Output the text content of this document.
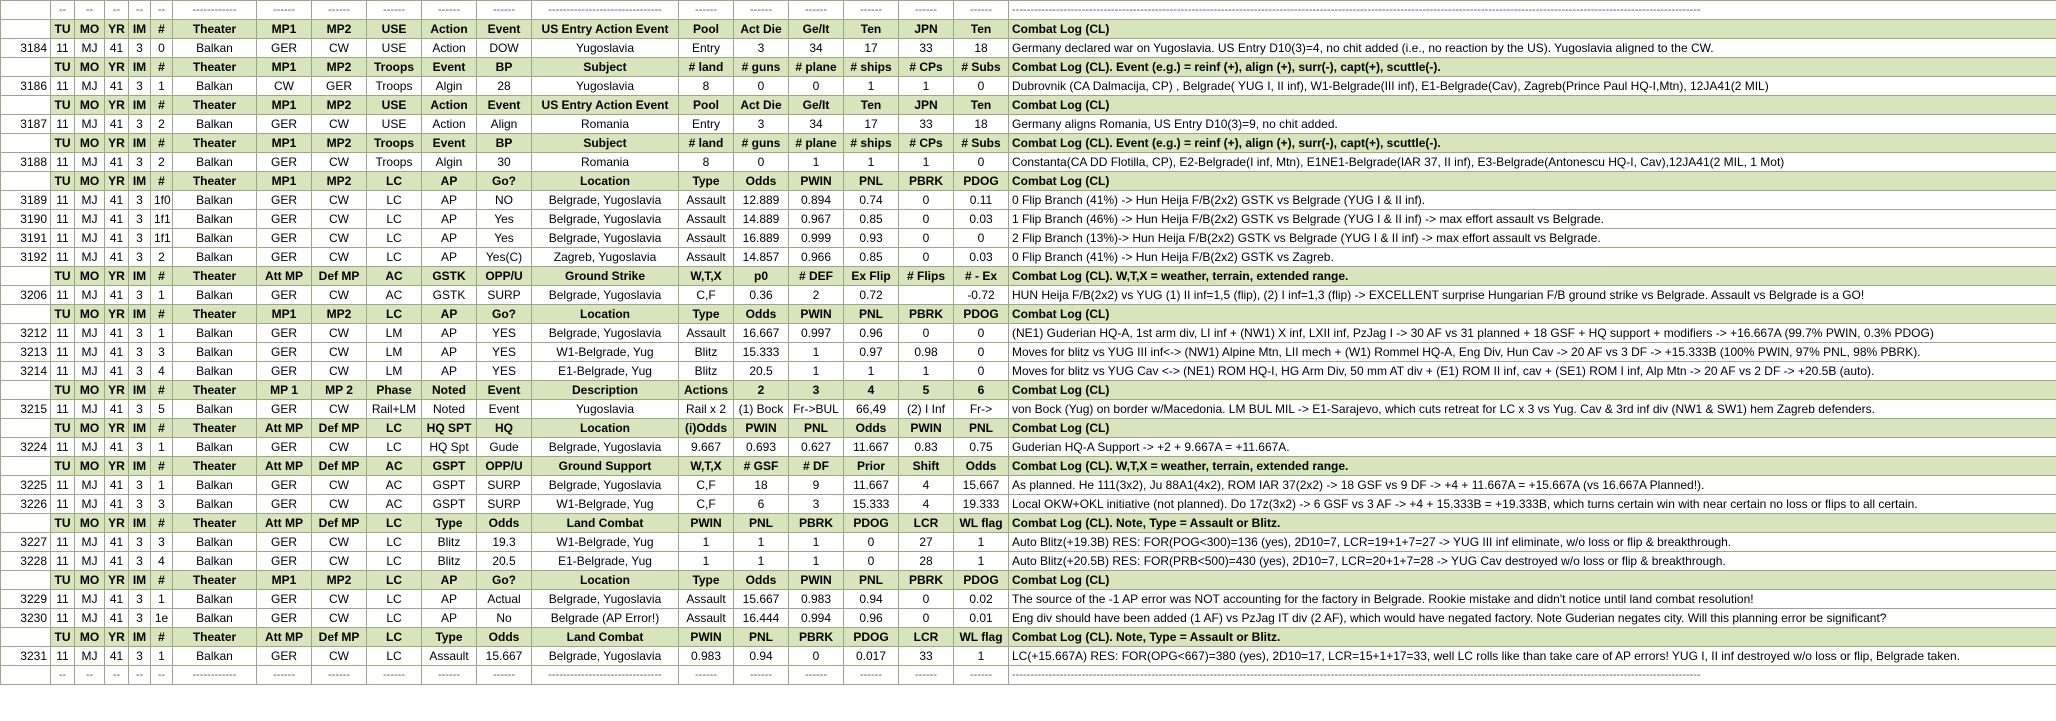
	--	--	--	--	--	------------	------	------	------	------	------	-------------------------------	------	------	------	------	------	------	--------------------------------------------------------------------------------------------------------------------------------------------------------------------------------------------
	TU	MO	YR	IM	#	Theater	MP1	MP2	USE	Action	Event	US Entry Action Event	Pool	Act Die	Ge/It	Ten	JPN	Ten	Combat Log (CL)
3184	11	MJ	41	3	0	Balkan	GER	CW	USE	Action	DOW	Yugoslavia	Entry	3	34	17	33	18	Germany declared war on Yugoslavia. US Entry D10(3)=4, no chit added (i.e., no reaction by the US). Yugoslavia aligned to the CW.
	TU	MO	YR	IM	#	Theater	MP1	MP2	Troops	Event	BP	Subject	# land	# guns	# plane	# ships	# CPs	# Subs	Combat Log (CL). Event (e.g.) = reinf (+), align (+), surr(-), capt(+), scuttle(-).
3186	11	MJ	41	3	1	Balkan	CW	GER	Troops	Algin	28	Yugoslavia	8	0	0	1	1	0	Dubrovnik (CA Dalmacija, CP) , Belgrade( YUG I, II inf), W1-Belgrade(III inf), E1-Belgrade(Cav), Zagreb(Prince Paul HQ-I,Mtn), 12JA41(2 MIL)
	TU	MO	YR	IM	#	Theater	MP1	MP2	USE	Action	Event	US Entry Action Event	Pool	Act Die	Ge/It	Ten	JPN	Ten	Combat Log (CL)
3187	11	MJ	41	3	2	Balkan	GER	CW	USE	Action	Align	Romania	Entry	3	34	17	33	18	Germany aligns Romania, US Entry D10(3)=9, no chit added.
	TU	MO	YR	IM	#	Theater	MP1	MP2	Troops	Event	BP	Subject	# land	# guns	# plane	# ships	# CPs	# Subs	Combat Log (CL). Event (e.g.) = reinf (+), align (+), surr(-), capt(+), scuttle(-).
3188	11	MJ	41	3	2	Balkan	GER	CW	Troops	Algin	30	Romania	8	0	1	1	1	0	Constanta(CA DD Flotilla, CP), E2-Belgrade(I inf, Mtn), E1NE1-Belgrade(IAR 37, II inf), E3-Belgrade(Antonescu HQ-I, Cav),12JA41(2 MIL, 1 Mot)
	TU	MO	YR	IM	#	Theater	MP1	MP2	LC	AP	Go?	Location	Type	Odds	PWIN	PNL	PBRK	PDOG	Combat Log (CL)
3189	11	MJ	41	3	1f0	Balkan	GER	CW	LC	AP	NO	Belgrade, Yugoslavia	Assault	12.889	0.894	0.74	0	0.11	0 Flip Branch (41%) -> Hun Heija F/B(2x2) GSTK vs Belgrade (YUG I & II inf).
3190	11	MJ	41	3	1f1	Balkan	GER	CW	LC	AP	Yes	Belgrade, Yugoslavia	Assault	14.889	0.967	0.85	0	0.03	1 Flip Branch (46%) -> Hun Heija F/B(2x2) GSTK vs Belgrade (YUG I & II inf) -> max effort assault vs Belgrade.
3191	11	MJ	41	3	1f1	Balkan	GER	CW	LC	AP	Yes	Belgrade, Yugoslavia	Assault	16.889	0.999	0.93	0	0	2 Flip Branch (13%)-> Hun Heija F/B(2x2) GSTK vs Belgrade (YUG I & II inf) -> max effort assault vs Belgrade.
3192	11	MJ	41	3	2	Balkan	GER	CW	LC	AP	Yes(C)	Zagreb, Yugoslavia	Assault	14.857	0.966	0.85	0	0.03	0 Flip Branch (41%) -> Hun Heija F/B(2x2) GSTK vs Zagreb.
	TU	MO	YR	IM	#	Theater	Att MP	Def MP	AC	GSTK	OPP/U	Ground Strike	W,T,X	p0	# DEF	Ex Flip	# Flips	# - Ex	Combat Log (CL). W,T,X = weather, terrain, extended range.
3206	11	MJ	41	3	1	Balkan	GER	CW	AC	GSTK	SURP	Belgrade, Yugoslavia	C,F	0.36	2	0.72		-0.72	HUN Heija F/B(2x2) vs YUG (1) II inf=1,5 (flip), (2) I inf=1,3 (flip) -> EXCELLENT surprise Hungarian F/B ground strike vs Belgrade. Assault vs Belgrade is a GO!
	TU	MO	YR	IM	#	Theater	MP1	MP2	LC	AP	Go?	Location	Type	Odds	PWIN	PNL	PBRK	PDOG	Combat Log (CL)
3212	11	MJ	41	3	1	Balkan	GER	CW	LM	AP	YES	Belgrade, Yugoslavia	Assault	16.667	0.997	0.96	0	0	(NE1) Guderian HQ-A, 1st arm div, LI inf + (NW1) X inf, LXII inf, PzJag I -> 30 AF vs 31 planned + 18 GSF + HQ support + modifiers -> +16.667A (99.7% PWIN, 0.3% PDOG)
3213	11	MJ	41	3	3	Balkan	GER	CW	LM	AP	YES	W1-Belgrade, Yug	Blitz	15.333	1	0.97	0.98	0	Moves for blitz vs YUG III inf<-> (NW1) Alpine Mtn, LII mech + (W1) Rommel HQ-A, Eng Div, Hun Cav -> 20 AF vs 3 DF -> +15.333B (100% PWIN, 97% PNL, 98% PBRK).
3214	11	MJ	41	3	4	Balkan	GER	CW	LM	AP	YES	E1-Belgrade, Yug	Blitz	20.5	1	1	1	0	Moves for blitz vs YUG Cav <-> (NE1) ROM HQ-I, HG Arm Div, 50 mm AT div + (E1) ROM II inf, cav + (SE1) ROM I inf, Alp Mtn -> 20 AF vs 2 DF -> +20.5B (auto).
	TU	MO	YR	IM	#	Theater	MP 1	MP 2	Phase	Noted	Event	Description	Actions	2	3	4	5	6	Combat Log (CL)
3215	11	MJ	41	3	5	Balkan	GER	CW	Rail+LM	Noted	Event	Yugoslavia	Rail x 2	(1) Bock	Fr->BUL	66,49	(2) I Inf	Fr->	von Bock (Yug) on border w/Macedonia. LM BUL MIL -> E1-Sarajevo, which cuts retreat for LC x 3 vs Yug. Cav & 3rd inf div (NW1 & SW1) hem Zagreb defenders.
	TU	MO	YR	IM	#	Theater	Att MP	Def MP	LC	HQ SPT	HQ	Location	(i)Odds	PWIN	PNL	Odds	PWIN	PNL	Combat Log (CL)
3224	11	MJ	41	3	1	Balkan	GER	CW	LC	HQ Spt	Gude	Belgrade, Yugoslavia	9.667	0.693	0.627	11.667	0.83	0.75	Guderian HQ-A Support -> +2 + 9.667A = +11.667A.
	TU	MO	YR	IM	#	Theater	Att MP	Def MP	AC	GSPT	OPP/U	Ground Support	W,T,X	# GSF	# DF	Prior	Shift	Odds	Combat Log (CL). W,T,X = weather, terrain, extended range.
3225	11	MJ	41	3	1	Balkan	GER	CW	AC	GSPT	SURP	Belgrade, Yugoslavia	C,F	18	9	11.667	4	15.667	As planned. He 111(3x2), Ju 88A1(4x2), ROM IAR 37(2x2) -> 18 GSF vs 9 DF -> +4 + 11.667A = +15.667A (vs 16.667A Planned!).
3226	11	MJ	41	3	3	Balkan	GER	CW	AC	GSPT	SURP	W1-Belgrade, Yug	C,F	6	3	15.333	4	19.333	Local OKW+OKL initiative (not planned). Do 17z(3x2) -> 6 GSF vs 3 AF -> +4 + 15.333B = +19.333B, which turns certain win with near certain no loss or flips to all certain.
	TU	MO	YR	IM	#	Theater	Att MP	Def MP	LC	Type	Odds	Land Combat	PWIN	PNL	PBRK	PDOG	LCR	WL flag	Combat Log (CL). Note, Type = Assault or Blitz.
3227	11	MJ	41	3	3	Balkan	GER	CW	LC	Blitz	19.3	W1-Belgrade, Yug	1	1	1	0	27	1	Auto Blitz(+19.3B) RES: FOR(POG<300)=136 (yes), 2D10=7, LCR=19+1+7=27 -> YUG III inf eliminate, w/o loss or flip & breakthrough.
3228	11	MJ	41	3	4	Balkan	GER	CW	LC	Blitz	20.5	E1-Belgrade, Yug	1	1	1	0	28	1	Auto Blitz(+20.5B) RES: FOR(PRB<500)=430 (yes), 2D10=7, LCR=20+1+7=28 -> YUG Cav destroyed w/o loss or flip & breakthrough.
	TU	MO	YR	IM	#	Theater	MP1	MP2	LC	AP	Go?	Location	Type	Odds	PWIN	PNL	PBRK	PDOG	Combat Log (CL)
3229	11	MJ	41	3	1	Balkan	GER	CW	LC	AP	Actual	Belgrade, Yugoslavia	Assault	15.667	0.983	0.94	0	0.02	The source of the -1 AP error was NOT accounting for the factory in Belgrade. Rookie mistake and didn't notice until land combat resolution!
3230	11	MJ	41	3	1e	Balkan	GER	CW	LC	AP	No	Belgrade (AP Error!)	Assault	16.444	0.994	0.96	0	0.01	Eng div should have been added (1 AF) vs PzJag IT div (2 AF), which would have negated factory. Note Guderian negates city. Will this planning error be significant?
	TU	MO	YR	IM	#	Theater	Att MP	Def MP	LC	Type	Odds	Land Combat	PWIN	PNL	PBRK	PDOG	LCR	WL flag	Combat Log (CL). Note, Type = Assault or Blitz.
3231	11	MJ	41	3	1	Balkan	GER	CW	LC	Assault	15.667	Belgrade, Yugoslavia	0.983	0.94	0	0.017	33	1	LC(+15.667A) RES: FOR(OPG<667)=380 (yes), 2D10=17, LCR=15+1+17=33, well LC rolls like than take care of AP errors! YUG I, II inf destroyed w/o loss or flip, Belgrade taken.
	--	--	--	--	--	------------	------	------	------	------	------	-------------------------------	------	------	------	------	------	------	--------------------------------------------------------------------------------------------------------------------------------------------------------------------------------------------
